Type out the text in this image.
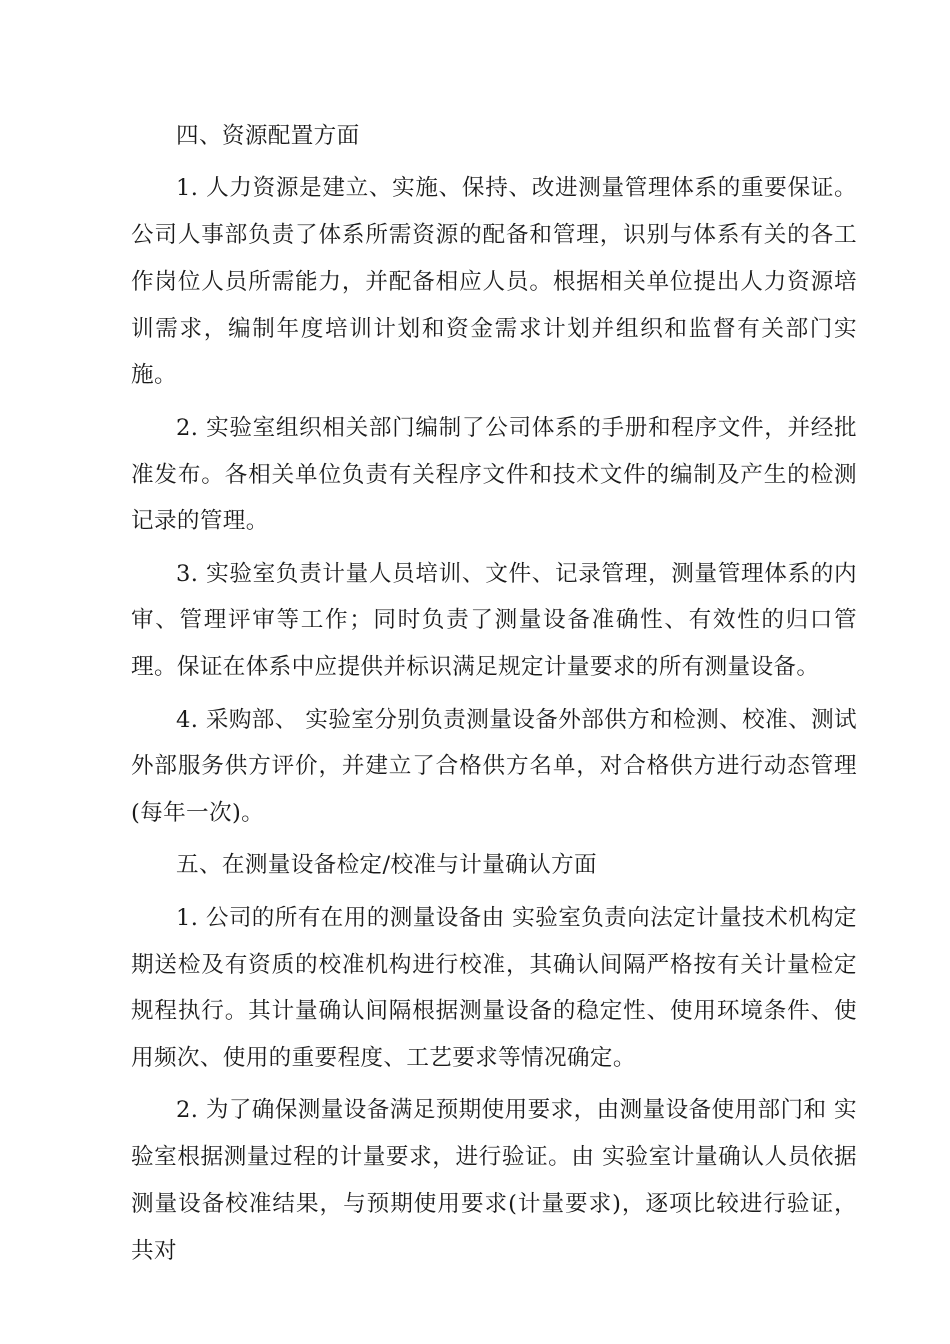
四、资源配置方面

1. 人力资源是建立、实施、保持、改进测量管理体系的重要保证。公司人事部负责了体系所需资源的配备和管理，识别与体系有关的各工作岗位人员所需能力，并配备相应人员。根据相关单位提出人力资源培训需求，编制年度培训计划和资金需求计划并组织和监督有关部门实施。

2. 实验室组织相关部门编制了公司体系的手册和程序文件，并经批准发布。各相关单位负责有关程序文件和技术文件的编制及产生的检测记录的管理。

3. 实验室负责计量人员培训、文件、记录管理，测量管理体系的内审、管理评审等工作；同时负责了测量设备准确性、有效性的归口管理。保证在体系中应提供并标识满足规定计量要求的所有测量设备。

4. 采购部、 实验室分别负责测量设备外部供方和检测、校准、测试外部服务供方评价，并建立了合格供方名单，对合格供方进行动态管理(每年一次)。

五、在测量设备检定/校准与计量确认方面

1. 公司的所有在用的测量设备由 实验室负责向法定计量技术机构定期送检及有资质的校准机构进行校准，其确认间隔严格按有关计量检定规程执行。其计量确认间隔根据测量设备的稳定性、使用环境条件、使用频次、使用的重要程度、工艺要求等情况确定。

2. 为了确保测量设备满足预期使用要求，由测量设备使用部门和 实验室根据测量过程的计量要求，进行验证。由 实验室计量确认人员依据测量设备校准结果，与预期使用要求(计量要求)，逐项比较进行验证，共对
